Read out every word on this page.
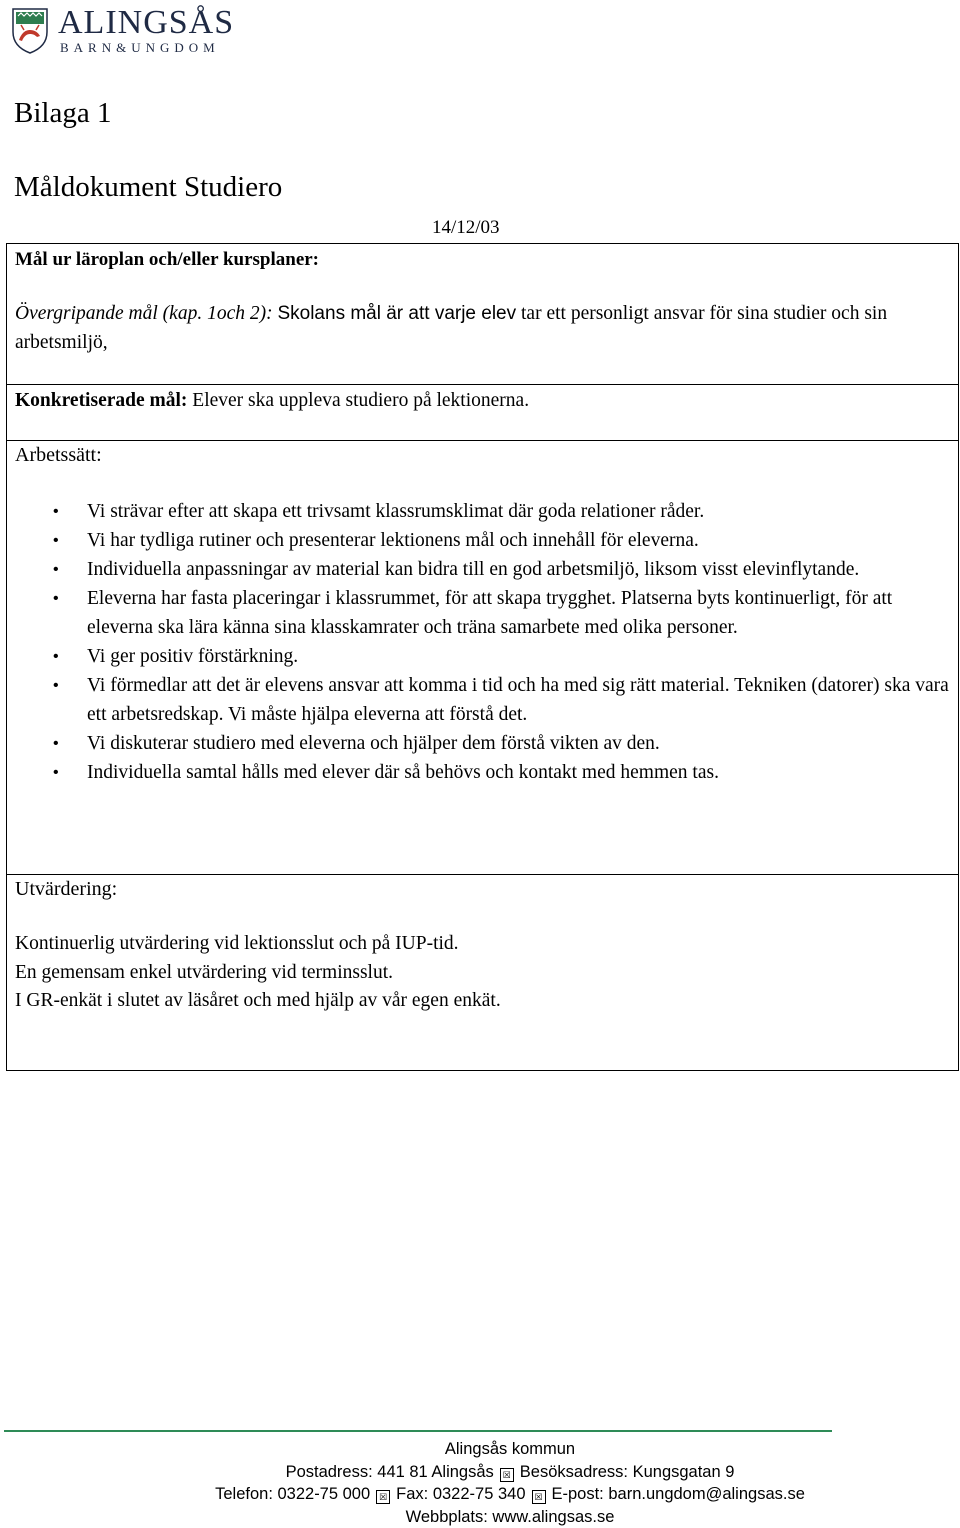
ALINGSÅS
BARN&UNGDOM
Bilaga 1
Måldokument Studiero
14/12/03
Mål ur läroplan och/eller kursplaner:
Övergripande mål (kap. 1och 2): Skolans mål är att varje elev tar ett personligt ansvar för sina studier och sin arbetsmiljö,
Konkretiserade mål: Elever ska uppleva studiero på lektionerna.
Arbetssätt:
• Vi strävar efter att skapa ett trivsamt klassrumsklimat där goda relationer råder.
• Vi har tydliga rutiner och presenterar lektionens mål och innehåll för eleverna.
• Individuella anpassningar av material kan bidra till en god arbetsmiljö, liksom visst elevinflytande.
• Eleverna har fasta placeringar i klassrummet, för att skapa trygghet. Platserna byts kontinuerligt, för att eleverna ska lära känna sina klasskamrater och träna samarbete med olika personer.
• Vi ger positiv förstärkning.
• Vi förmedlar att det är elevens ansvar att komma i tid och ha med sig rätt material. Tekniken (datorer) ska vara ett arbetsredskap. Vi måste hjälpa eleverna att förstå det.
• Vi diskuterar studiero med eleverna och hjälper dem förstå vikten av den.
• Individuella samtal hålls med elever där så behövs och kontakt med hemmen tas.
Utvärdering:
Kontinuerlig utvärdering vid lektionsslut och på IUP-tid.
En gemensam enkel utvärdering vid terminsslut.
I GR-enkät i slutet av läsåret och med hjälp av vår egen enkät.
Alingsås kommun
Postadress: 441 81 Alingsås ☒ Besöksadress: Kungsgatan 9
Telefon: 0322-75 000 ☒ Fax: 0322-75 340 ☒ E-post: barn.ungdom@alingsas.se
Webbplats: www.alingsas.se
